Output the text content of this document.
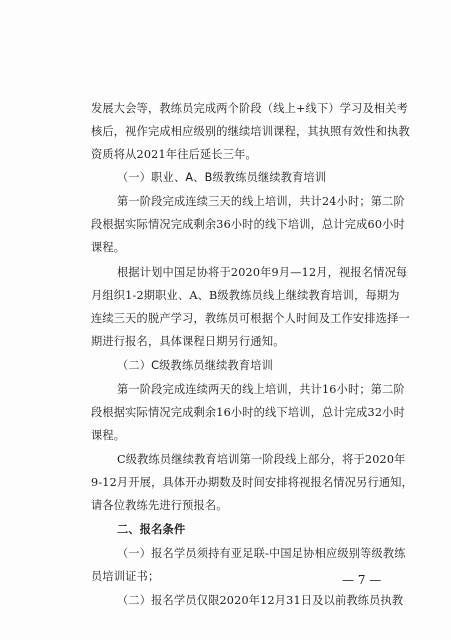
发展大会等，教练员完成两个阶段（线上+线下）学习及相关考
核后，视作完成相应级别的继续培训课程，其执照有效性和执教
资质将从2021年往后延长三年。
（一）职业、A、B级教练员继续教育培训
第一阶段完成连续三天的线上培训，共计24小时；第二阶
段根据实际情况完成剩余36小时的线下培训，总计完成60小时
课程。
根据计划中国足协将于2020年9月—12月，视报名情况每
月组织1-2期职业、A、B级教练员线上继续教育培训，每期为
连续三天的脱产学习，教练员可根据个人时间及工作安排选择一
期进行报名，具体课程日期另行通知。
（二）C级教练员继续教育培训
第一阶段完成连续两天的线上培训，共计16小时；第二阶
段根据实际情况完成剩余16小时的线下培训，总计完成32小时
课程。
C级教练员继续教育培训第一阶段线上部分，将于2020年
9-12月开展，具体开办期数及时间安排将视报名情况另行通知，
请各位教练先进行预报名。
二、报名条件
（一）报名学员须持有亚足联-中国足协相应级别等级教练
员培训证书；
（二）报名学员仅限2020年12月31日及以前教练员执教
— 7 —
